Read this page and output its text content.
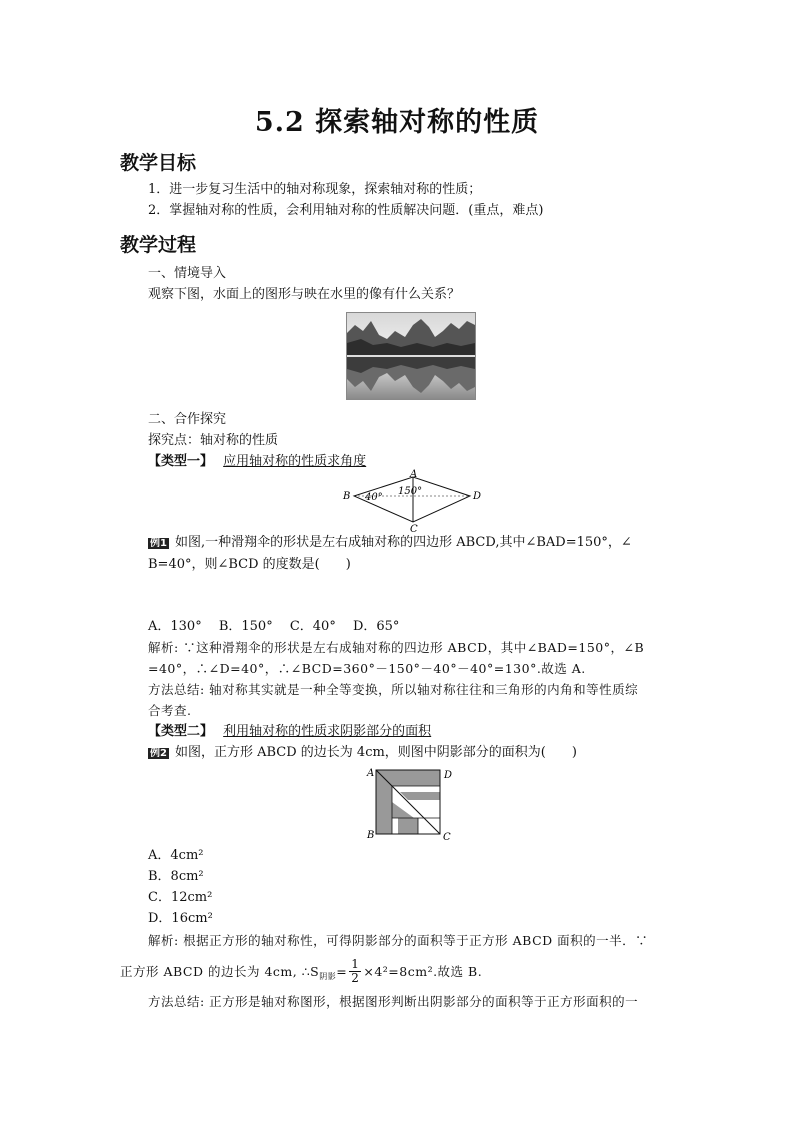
5.2 探索轴对称的性质
教学目标
1．进一步复习生活中的轴对称现象，探索轴对称的性质；
2．掌握轴对称的性质，会利用轴对称的性质解决问题．(重点，难点)
教学过程
一、情境导入
观察下图，水面上的图形与映在水里的像有什么关系？
二、合作探究
探究点：轴对称的性质
【类型一】 应用轴对称的性质求角度
A
B
C
D
40°
150°
例1 如图,一种滑翔伞的形状是左右成轴对称的四边形 ABCD,其中∠BAD=150°，∠
B=40°，则∠BCD 的度数是(　　)
A．130°　 B．150°　 C．40°　 D．65°
解析: ∵这种滑翔伞的形状是左右成轴对称的四边形 ABCD，其中∠BAD=150°，∠B
=40°，∴∠D=40°，∴∠BCD=360°－150°－40°－40°=130°.故选 A.
方法总结: 轴对称其实就是一种全等变换，所以轴对称往往和三角形的内角和等性质综
合考查.
【类型二】 利用轴对称的性质求阴影部分的面积
例2 如图，正方形 ABCD 的边长为 4cm，则图中阴影部分的面积为(　　)
A
B	C
D
A．4cm²
B．8cm²
C．12cm²
D．16cm²
解析: 根据正方形的轴对称性，可得阴影部分的面积等于正方形 ABCD 面积的一半．∵
正方形 ABCD 的边长为 4cm, ∴S 阴影 = $\frac{1}{2} \times 4^2=8cm^2$.故选 B.
方法总结: 正方形是轴对称图形，根据图形判断出阴影部分的面积等于正方形面积的一
